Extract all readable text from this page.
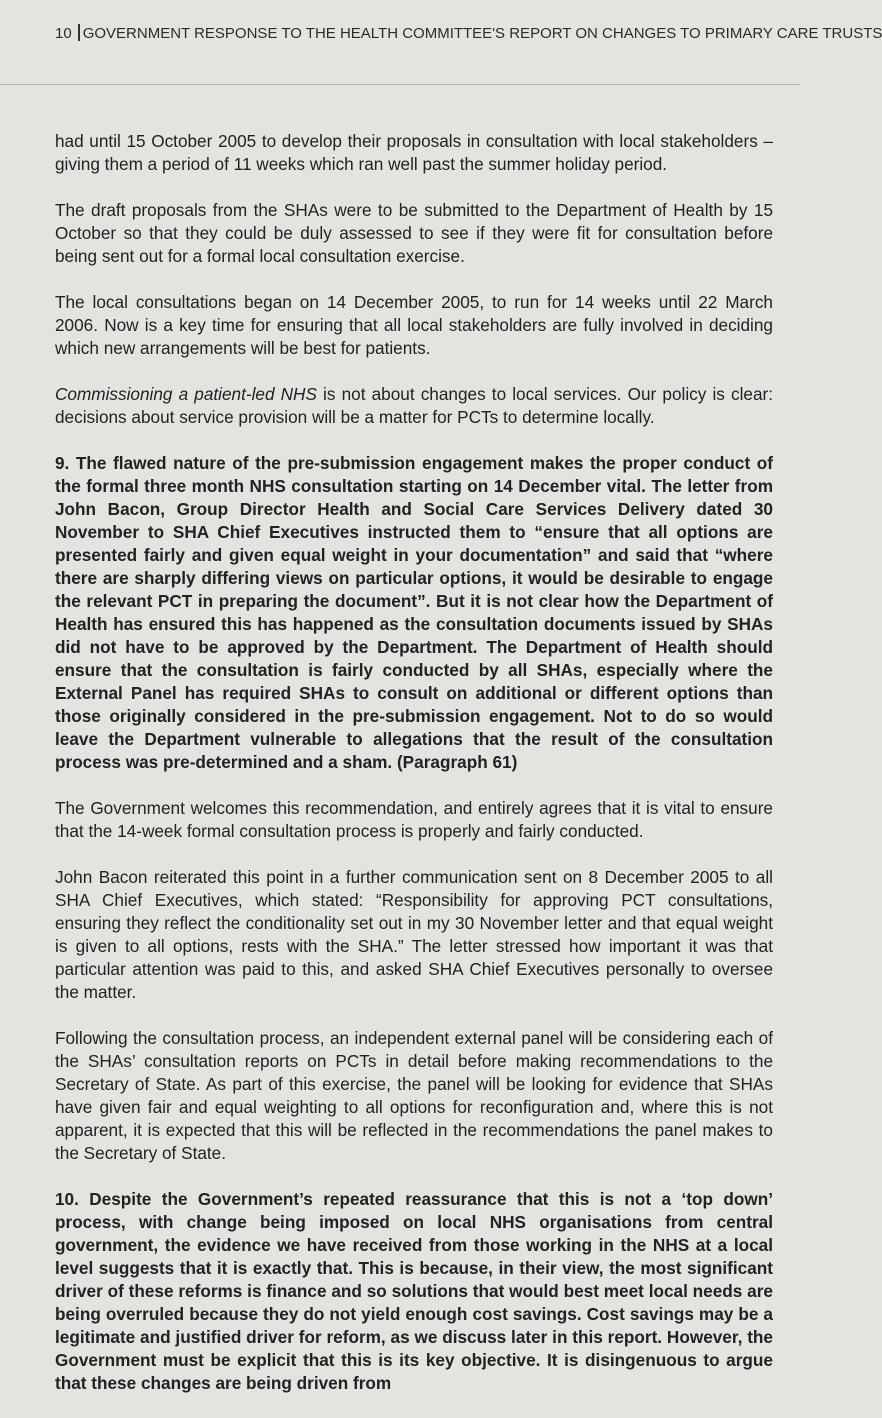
10 GOVERNMENT RESPONSE TO THE HEALTH COMMITTEE'S REPORT ON CHANGES TO PRIMARY CARE TRUSTS

had until 15 October 2005 to develop their proposals in consultation with local stakeholders – giving them a period of 11 weeks which ran well past the summer holiday period.

The draft proposals from the SHAs were to be submitted to the Department of Health by 15 October so that they could be duly assessed to see if they were fit for consultation before being sent out for a formal local consultation exercise.

The local consultations began on 14 December 2005, to run for 14 weeks until 22 March 2006. Now is a key time for ensuring that all local stakeholders are fully involved in deciding which new arrangements will be best for patients.

Commissioning a patient-led NHS is not about changes to local services. Our policy is clear: decisions about service provision will be a matter for PCTs to determine locally.

9. The flawed nature of the pre-submission engagement makes the proper conduct of the formal three month NHS consultation starting on 14 December vital. The letter from John Bacon, Group Director Health and Social Care Services Delivery dated 30 November to SHA Chief Executives instructed them to “ensure that all options are presented fairly and given equal weight in your documentation” and said that “where there are sharply differing views on particular options, it would be desirable to engage the relevant PCT in preparing the document”. But it is not clear how the Department of Health has ensured this has happened as the consultation documents issued by SHAs did not have to be approved by the Department. The Department of Health should ensure that the consultation is fairly conducted by all SHAs, especially where the External Panel has required SHAs to consult on additional or different options than those originally considered in the pre-submission engagement. Not to do so would leave the Department vulnerable to allegations that the result of the consultation process was pre-determined and a sham. (Paragraph 61)

The Government welcomes this recommendation, and entirely agrees that it is vital to ensure that the 14-week formal consultation process is properly and fairly conducted.

John Bacon reiterated this point in a further communication sent on 8 December 2005 to all SHA Chief Executives, which stated: “Responsibility for approving PCT consultations, ensuring they reflect the conditionality set out in my 30 November letter and that equal weight is given to all options, rests with the SHA.” The letter stressed how important it was that particular attention was paid to this, and asked SHA Chief Executives personally to oversee the matter.

Following the consultation process, an independent external panel will be considering each of the SHAs’ consultation reports on PCTs in detail before making recommendations to the Secretary of State. As part of this exercise, the panel will be looking for evidence that SHAs have given fair and equal weighting to all options for reconfiguration and, where this is not apparent, it is expected that this will be reflected in the recommendations the panel makes to the Secretary of State.

10. Despite the Government’s repeated reassurance that this is not a ‘top down’ process, with change being imposed on local NHS organisations from central government, the evidence we have received from those working in the NHS at a local level suggests that it is exactly that. This is because, in their view, the most significant driver of these reforms is finance and so solutions that would best meet local needs are being overruled because they do not yield enough cost savings. Cost savings may be a legitimate and justified driver for reform, as we discuss later in this report. However, the Government must be explicit that this is its key objective. It is disingenuous to argue that these changes are being driven from
